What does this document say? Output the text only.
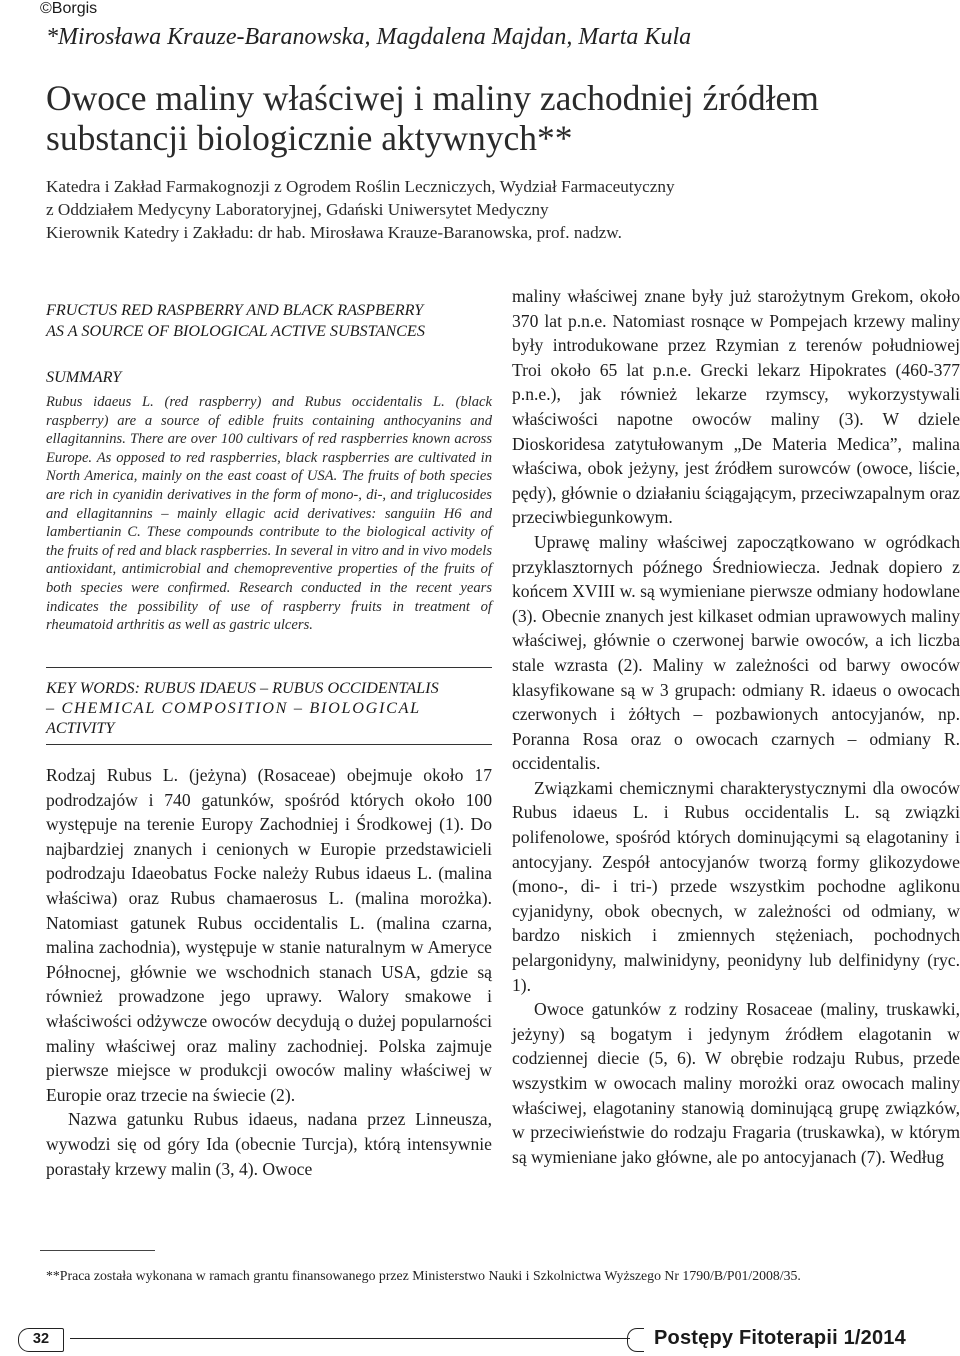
©Borgis
*Mirosława Krauze-Baranowska, Magdalena Majdan, Marta Kula
Owoce maliny właściwej i maliny zachodniej źródłem substancji biologicznie aktywnych**
Katedra i Zakład Farmakognozji z Ogrodem Roślin Leczniczych, Wydział Farmaceutyczny
z Oddziałem Medycyny Laboratoryjnej, Gdański Uniwersytet Medyczny
Kierownik Katedry i Zakładu: dr hab. Mirosława Krauze-Baranowska, prof. nadzw.
FRUCTUS RED RASPBERRY AND BLACK RASPBERRY
AS A SOURCE OF BIOLOGICAL ACTIVE SUBSTANCES
SUMMARY
Rubus idaeus L. (red raspberry) and Rubus occidentalis L. (black raspberry) are a source of edible fruits containing anthocyanins and ellagitannins. There are over 100 cultivars of red raspberries known across Europe. As opposed to red raspberries, black raspberries are cultivated in North America, mainly on the east coast of USA. The fruits of both species are rich in cyanidin derivatives in the form of mono-, di-, and triglucosides and ellagitannins – mainly ellagic acid derivatives: sanguiin H6 and lambertianin C. These compounds contribute to the biological activity of the fruits of red and black raspberries. In several in vitro and in vivo models antioxidant, antimicrobial and chemopreventive properties of the fruits of both species were confirmed. Research conducted in the recent years indicates the possibility of use of raspberry fruits in treatment of rheumatoid arthritis as well as gastric ulcers.
KEY WORDS: RUBUS IDAEUS – RUBUS OCCIDENTALIS
– CHEMICAL COMPOSITION – BIOLOGICAL
ACTIVITY

Rodzaj Rubus L. (jeżyna) (Rosaceae) obejmuje około 17 podrodzajów i 740 gatunków, spośród których około 100 występuje na terenie Europy Zachodniej i Środkowej (1). Do najbardziej znanych i cenionych w Europie przedstawicieli podrodzaju Idaeobatus Focke należy Rubus idaeus L. (malina właściwa) oraz Rubus chamaerosus L. (malina morożka). Natomiast gatunek Rubus occidentalis L. (malina czarna, malina zachodnia), występuje w stanie naturalnym w Ameryce Północnej, głównie we wschodnich stanach USA, gdzie są również prowadzone jego uprawy. Walory smakowe i właściwości odżywcze owoców decydują o dużej popularności maliny właściwej oraz maliny zachodniej. Polska zajmuje pierwsze miejsce w produkcji owoców maliny właściwej w Europie oraz trzecie na świecie (2).

Nazwa gatunku Rubus idaeus, nadana przez Linneusza, wywodzi się od góry Ida (obecnie Turcja), którą intensywnie porastały krzewy malin (3, 4). Owoce

maliny właściwej znane były już starożytnym Grekom, około 370 lat p.n.e. Natomiast rosnące w Pompejach krzewy maliny były introdukowane przez Rzymian z terenów południowej Troi około 65 lat p.n.e. Grecki lekarz Hipokrates (460-377 p.n.e.), jak również lekarze rzymscy, wykorzystywali właściwości napotne owoców maliny (3). W dziele Dioskoridesa zatytułowanym „De Materia Medica”, malina właściwa, obok jeżyny, jest źródłem surowców (owoce, liście, pędy), głównie o działaniu ściągającym, przeciwzapalnym oraz przeciwbiegunkowym.

Uprawę maliny właściwej zapoczątkowano w ogródkach przyklasztornych późnego Średniowiecza. Jednak dopiero z końcem XVIII w. są wymieniane pierwsze odmiany hodowlane (3). Obecnie znanych jest kilkaset odmian uprawowych maliny właściwej, głównie o czerwonej barwie owoców, a ich liczba stale wzrasta (2). Maliny w zależności od barwy owoców klasyfikowane są w 3 grupach: odmiany R. idaeus o owocach czerwonych i żółtych – pozbawionych antocyjanów, np. Poranna Rosa oraz o owocach czarnych – odmiany R. occidentalis.

Związkami chemicznymi charakterystycznymi dla owoców Rubus idaeus L. i Rubus occidentalis L. są związki polifenolowe, spośród których dominującymi są elagotaniny i antocyjany. Zespół antocyjanów tworzą formy glikozydowe (mono-, di- i tri-) przede wszystkim pochodne aglikonu cyjanidyny, obok obecnych, w zależności od odmiany, w bardzo niskich i zmiennych stężeniach, pochodnych pelargonidyny, malwinidyny, peonidyny lub delfinidyny (ryc. 1).

Owoce gatunków z rodziny Rosaceae (maliny, truskawki, jeżyny) są bogatym i jedynym źródłem elagotanin w codziennej diecie (5, 6). W obrębie rodzaju Rubus, przede wszystkim w owocach maliny morożki oraz owocach maliny właściwej, elagotaniny stanowią dominującą grupę związków, w przeciwieństwie do rodzaju Fragaria (truskawka), w którym są wymieniane jako główne, ale po antocyjanach (7). Według

**Praca została wykonana w ramach grantu finansowanego przez Ministerstwo Nauki i Szkolnictwa Wyższego Nr 1790/B/P01/2008/35.
32	Postępy Fitoterapii 1/2014
